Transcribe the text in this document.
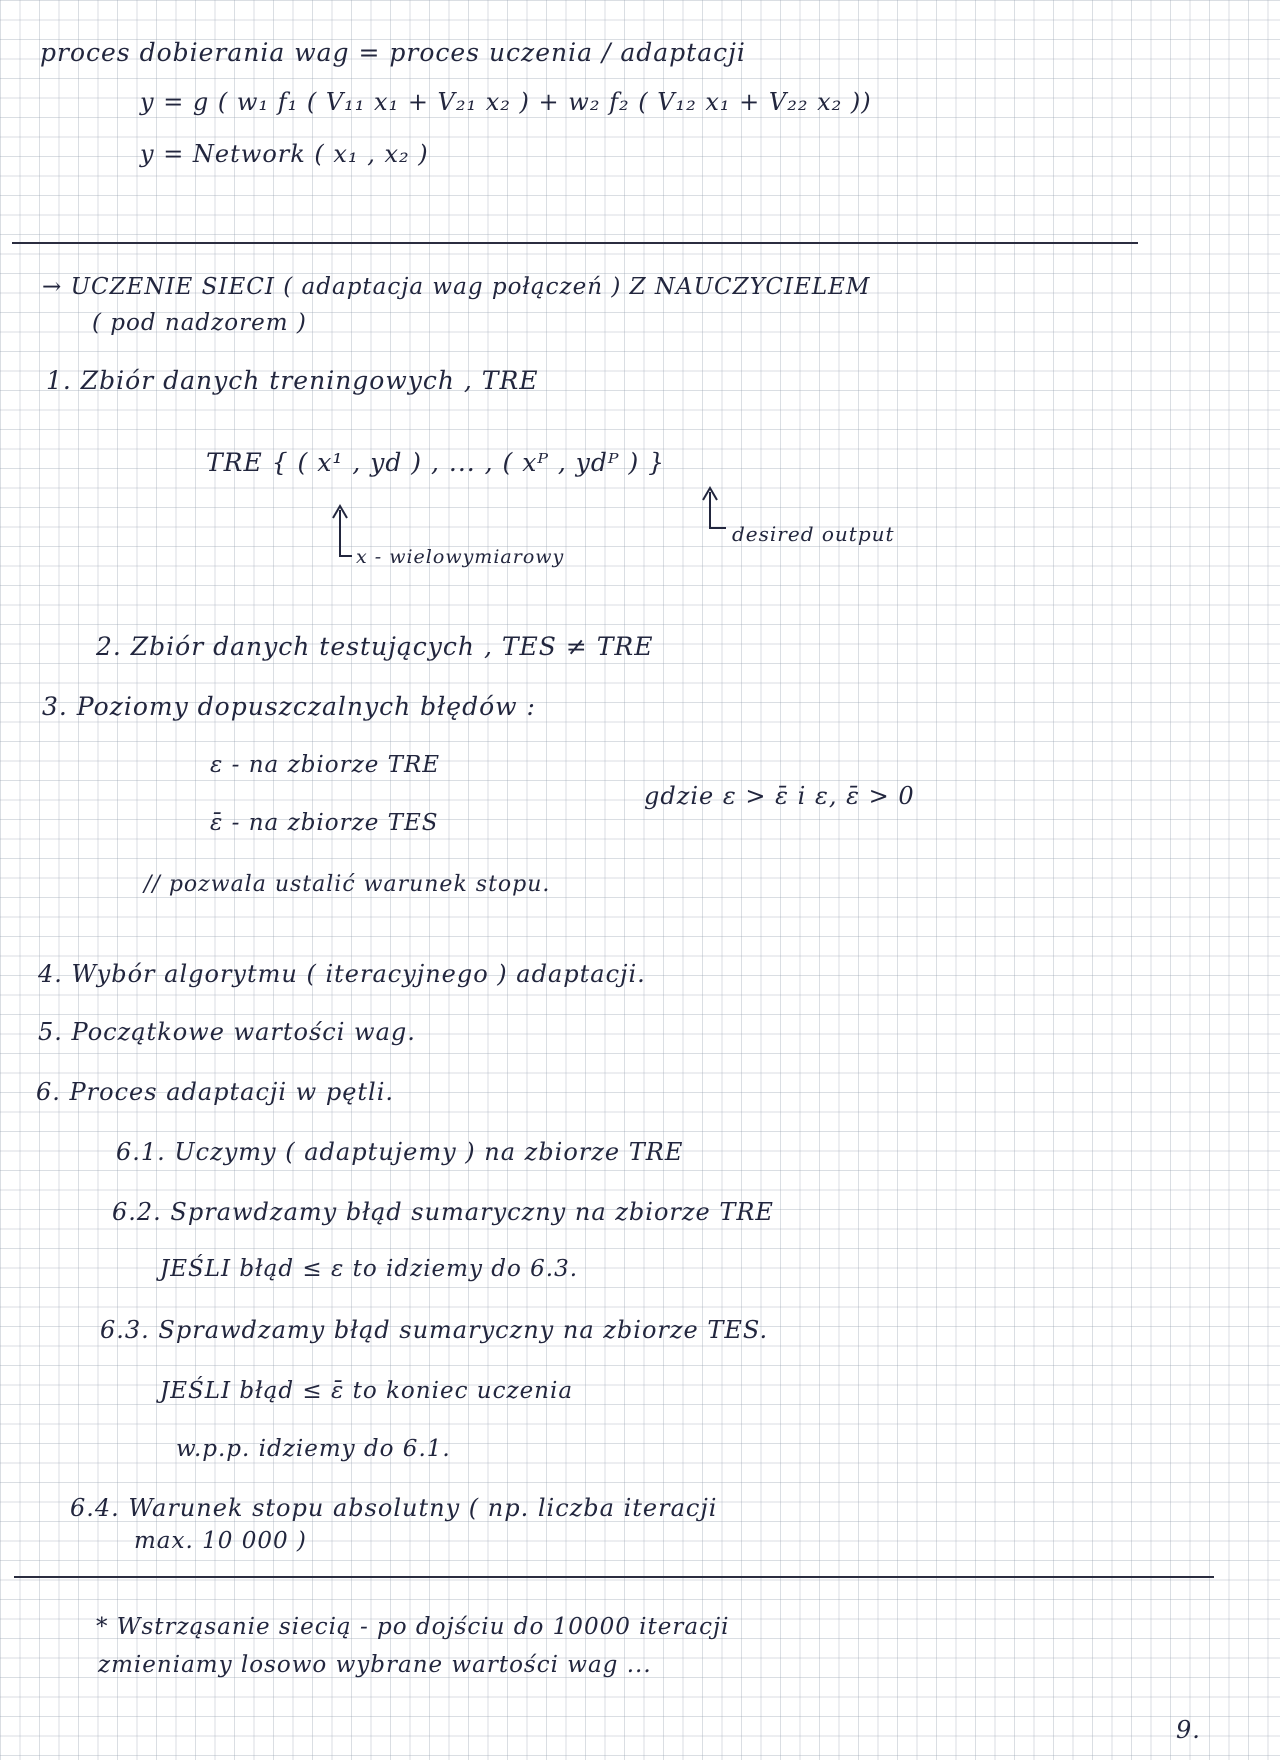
proces dobierania wag = proces uczenia / adaptacji
y = g ( w₁ f₁ ( V₁₁ x₁ + V₂₁ x₂ ) + w₂ f₂ ( V₁₂ x₁ + V₂₂ x₂ ))
y = Network ( x₁ , x₂ )
→ UCZENIE SIECI ( adaptacja wag połączeń ) Z NAUCZYCIELEM
( pod nadzorem )
1. Zbiór danych treningowych , TRE
TRE { ( x¹ , yd ) , ... , ( xᴾ , ydᴾ ) }
x - wielowymiarowy
desired output
2. Zbiór danych testujących , TES ≠ TRE
3. Poziomy dopuszczalnych błędów :
ε - na zbiorze TRE
ε̄ - na zbiorze TES
gdzie ε > ε̄ i ε, ε̄ > 0
// pozwala ustalić warunek stopu.
4. Wybór algorytmu ( iteracyjnego ) adaptacji.
5. Początkowe wartości wag.
6. Proces adaptacji w pętli.
6.1. Uczymy ( adaptujemy ) na zbiorze TRE
6.2. Sprawdzamy błąd sumaryczny na zbiorze TRE
JEŚLI błąd ≤ ε to idziemy do 6.3.
6.3. Sprawdzamy błąd sumaryczny na zbiorze TES.
JEŚLI błąd ≤ ε̄ to koniec uczenia
w.p.p. idziemy do 6.1.
6.4. Warunek stopu absolutny ( np. liczba iteracji
max. 10 000 )
* Wstrząsanie siecią - po dojściu do 10000 iteracji
zmieniamy losowo wybrane wartości wag ...
9.
